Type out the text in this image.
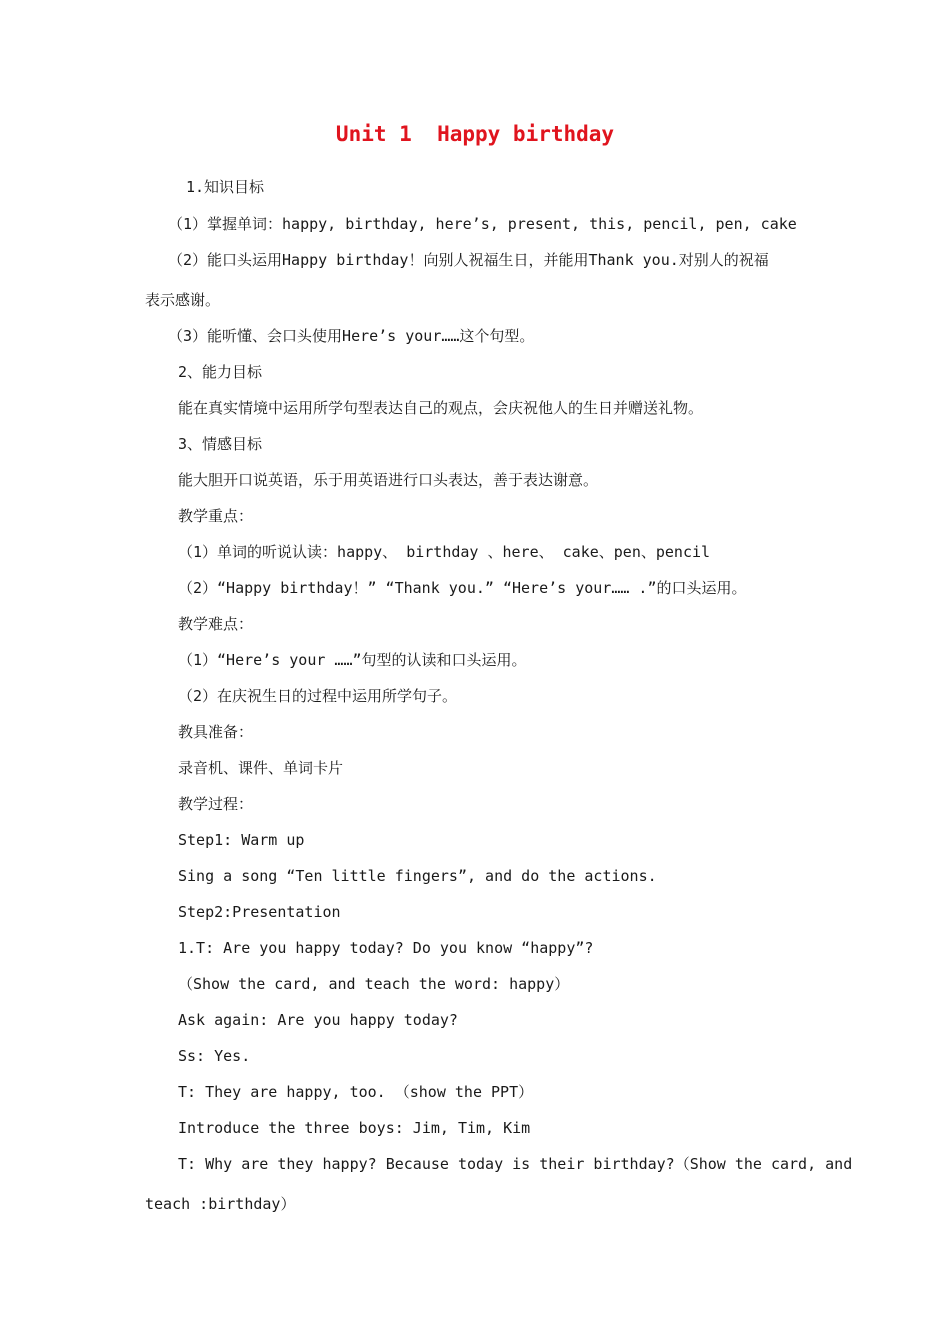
Unit 1  Happy birthday
1.知识目标
（1）掌握单词：happy, birthday, here’s, present, this, pencil, pen, cake
（2）能口头运用Happy birthday！向别人祝福生日，并能用Thank you.对别人的祝福
表示感谢。
（3）能听懂、会口头使用Here’s your……这个句型。
2、能力目标
能在真实情境中运用所学句型表达自己的观点，会庆祝他人的生日并赠送礼物。
3、情感目标
能大胆开口说英语，乐于用英语进行口头表达，善于表达谢意。
教学重点：
（1）单词的听说认读：happy、 birthday 、here、 cake、pen、pencil
（2）“Happy birthday！” “Thank you.” “Here’s your…… .”的口头运用。
教学难点：
（1）“Here’s your ……”句型的认读和口头运用。
（2）在庆祝生日的过程中运用所学句子。
教具准备：
录音机、课件、单词卡片
教学过程：
Step1: Warm up
Sing a song “Ten little fingers”, and do the actions.
Step2:Presentation
1.T: Are you happy today? Do you know “happy”?
（Show the card, and teach the word: happy）
Ask again: Are you happy today?
Ss: Yes.
T: They are happy, too. （show the PPT）
Introduce the three boys: Jim, Tim, Kim
T: Why are they happy? Because today is their birthday?（Show the card, and
teach :birthday）
